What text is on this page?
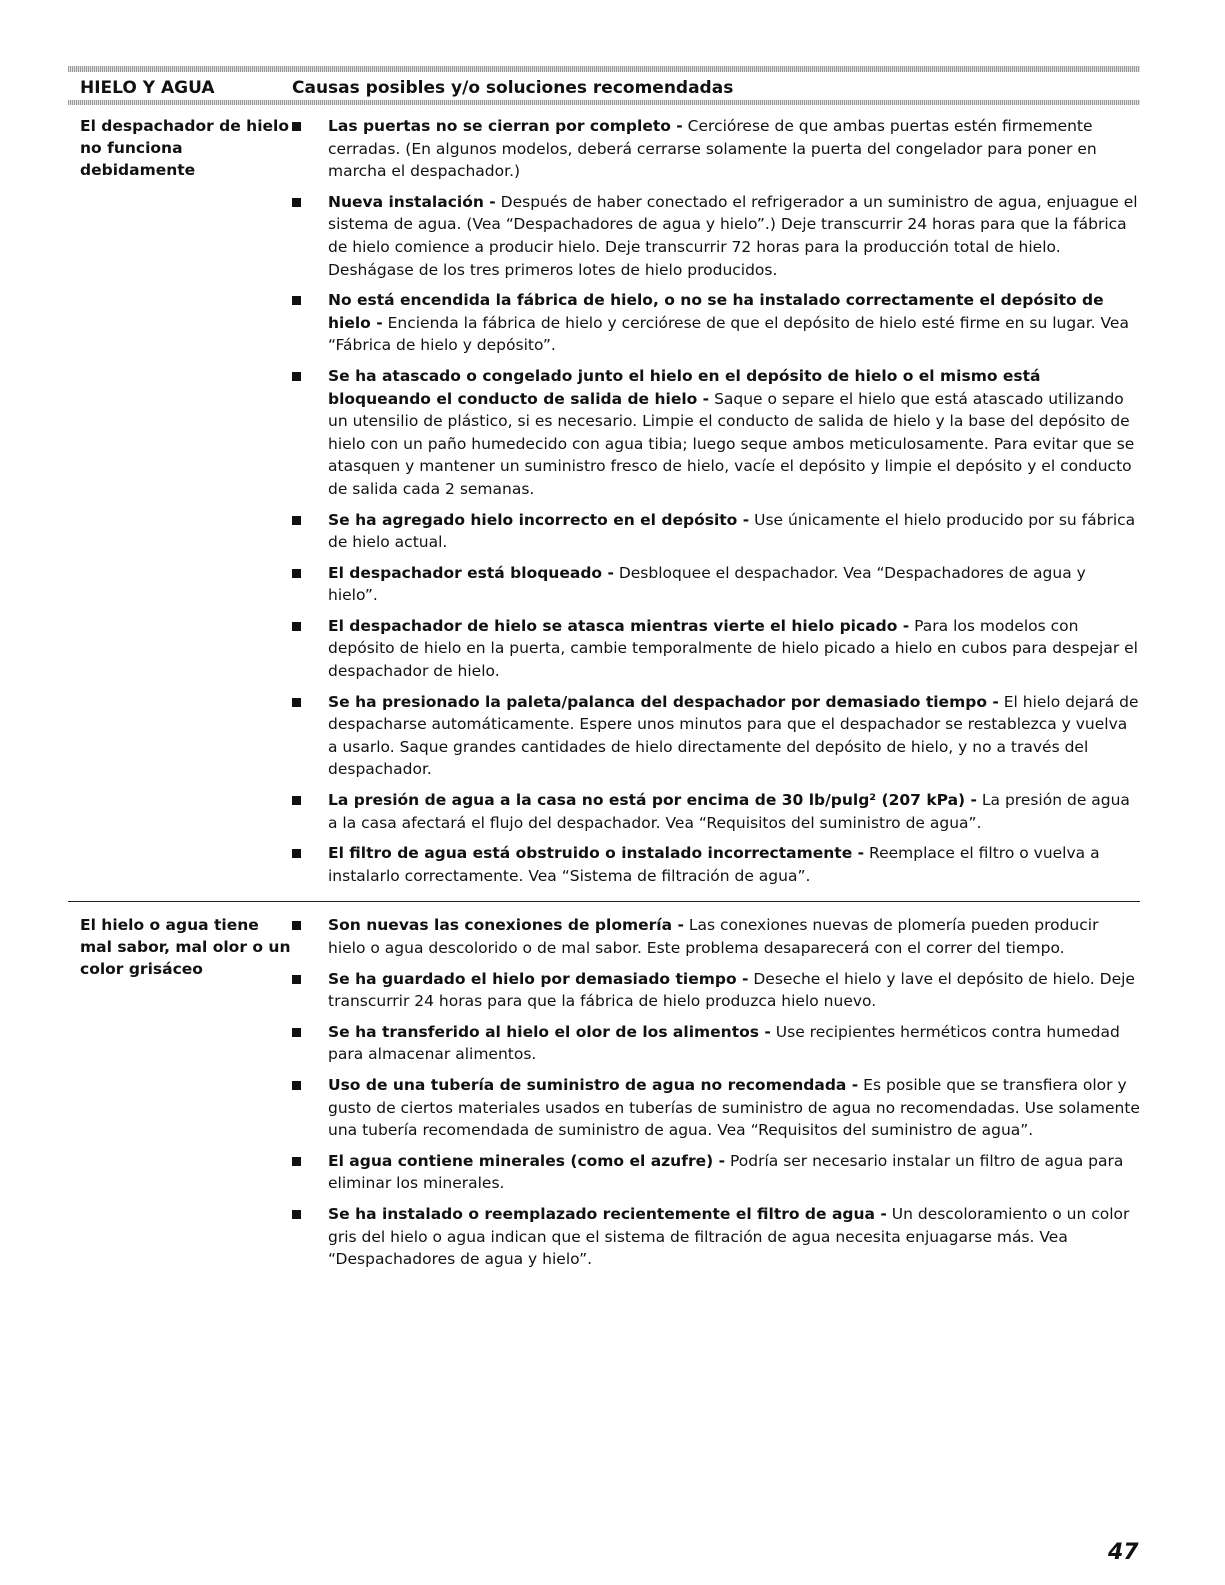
HIELO Y AGUA	Causas posibles y/o soluciones recomendadas
El despachador de hielo no funciona debidamente
Las puertas no se cierran por completo - Cerciórese de que ambas puertas estén firmemente cerradas. (En algunos modelos, deberá cerrarse solamente la puerta del congelador para poner en marcha el despachador.)
Nueva instalación - Después de haber conectado el refrigerador a un suministro de agua, enjuague el sistema de agua. (Vea “Despachadores de agua y hielo”.) Deje transcurrir 24 horas para que la fábrica de hielo comience a producir hielo. Deje transcurrir 72 horas para la producción total de hielo. Deshágase de los tres primeros lotes de hielo producidos.
No está encendida la fábrica de hielo, o no se ha instalado correctamente el depósito de hielo - Encienda la fábrica de hielo y cerciórese de que el depósito de hielo esté firme en su lugar. Vea “Fábrica de hielo y depósito”.
Se ha atascado o congelado junto el hielo en el depósito de hielo o el mismo está bloqueando el conducto de salida de hielo - Saque o separe el hielo que está atascado utilizando un utensilio de plástico, si es necesario. Limpie el conducto de salida de hielo y la base del depósito de hielo con un paño humedecido con agua tibia; luego seque ambos meticulosamente. Para evitar que se atasquen y mantener un suministro fresco de hielo, vacíe el depósito y limpie el depósito y el conducto de salida cada 2 semanas.
Se ha agregado hielo incorrecto en el depósito - Use únicamente el hielo producido por su fábrica de hielo actual.
El despachador está bloqueado - Desbloquee el despachador. Vea “Despachadores de agua y hielo”.
El despachador de hielo se atasca mientras vierte el hielo picado - Para los modelos con depósito de hielo en la puerta, cambie temporalmente de hielo picado a hielo en cubos para despejar el despachador de hielo.
Se ha presionado la paleta/palanca del despachador por demasiado tiempo - El hielo dejará de despacharse automáticamente. Espere unos minutos para que el despachador se restablezca y vuelva a usarlo. Saque grandes cantidades de hielo directamente del depósito de hielo, y no a través del despachador.
La presión de agua a la casa no está por encima de 30 lb/pulg² (207 kPa) - La presión de agua a la casa afectará el flujo del despachador. Vea “Requisitos del suministro de agua”.
El filtro de agua está obstruido o instalado incorrectamente - Reemplace el filtro o vuelva a instalarlo correctamente. Vea “Sistema de filtración de agua”.
El hielo o agua tiene mal sabor, mal olor o un color grisáceo
Son nuevas las conexiones de plomería - Las conexiones nuevas de plomería pueden producir hielo o agua descolorido o de mal sabor. Este problema desaparecerá con el correr del tiempo.
Se ha guardado el hielo por demasiado tiempo - Deseche el hielo y lave el depósito de hielo. Deje transcurrir 24 horas para que la fábrica de hielo produzca hielo nuevo.
Se ha transferido al hielo el olor de los alimentos - Use recipientes herméticos contra humedad para almacenar alimentos.
Uso de una tubería de suministro de agua no recomendada - Es posible que se transfiera olor y gusto de ciertos materiales usados en tuberías de suministro de agua no recomendadas. Use solamente una tubería recomendada de suministro de agua. Vea “Requisitos del suministro de agua”.
El agua contiene minerales (como el azufre) - Podría ser necesario instalar un filtro de agua para eliminar los minerales.
Se ha instalado o reemplazado recientemente el filtro de agua - Un descoloramiento o un color gris del hielo o agua indican que el sistema de filtración de agua necesita enjuagarse más. Vea “Despachadores de agua y hielo”.
47
